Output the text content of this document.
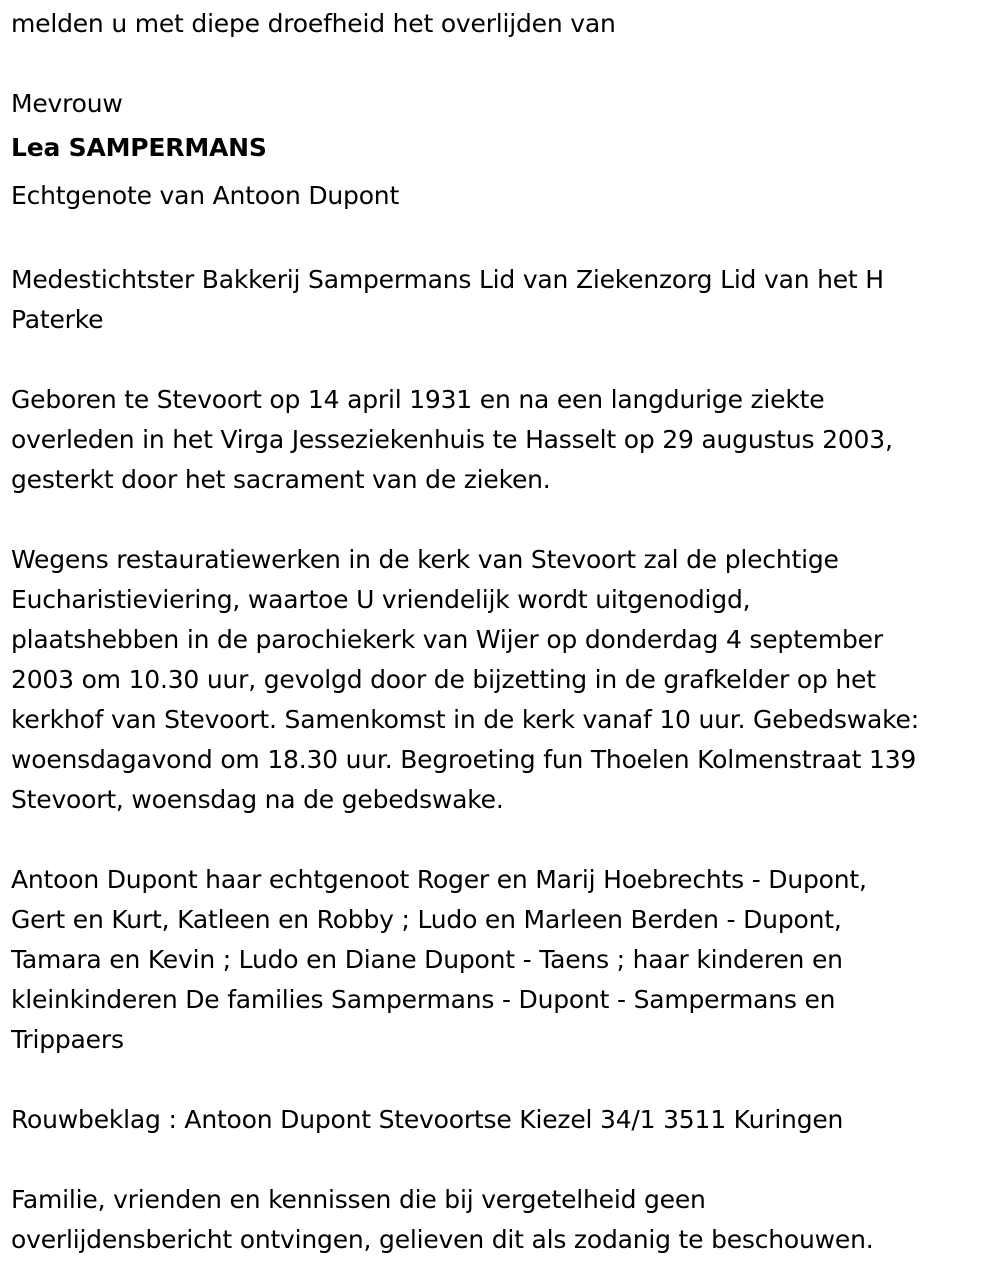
melden u met diepe droefheid het overlijden van

Mevrouw

Lea SAMPERMANS

Echtgenote van Antoon Dupont

Medestichtster Bakkerij Sampermans Lid van Ziekenzorg Lid van het H

Paterke

Geboren te Stevoort op 14 april 1931 en na een langdurige ziekte

overleden in het Virga Jesseziekenhuis te Hasselt op 29 augustus 2003,

gesterkt door het sacrament van de zieken.

Wegens restauratiewerken in de kerk van Stevoort zal de plechtige

Eucharistieviering, waartoe U vriendelijk wordt uitgenodigd,

plaatshebben in de parochiekerk van Wijer op donderdag 4 september

2003 om 10.30 uur, gevolgd door de bijzetting in de grafkelder op het

kerkhof van Stevoort. Samenkomst in de kerk vanaf 10 uur. Gebedswake:

woensdagavond om 18.30 uur. Begroeting fun Thoelen Kolmenstraat 139

Stevoort, woensdag na de gebedswake.

Antoon Dupont haar echtgenoot Roger en Marij Hoebrechts - Dupont,

Gert en Kurt, Katleen en Robby ; Ludo en Marleen Berden - Dupont,

Tamara en Kevin ; Ludo en Diane Dupont - Taens ; haar kinderen en

kleinkinderen De families Sampermans - Dupont - Sampermans en

Trippaers

Rouwbeklag : Antoon Dupont Stevoortse Kiezel 34/1 3511 Kuringen

Familie, vrienden en kennissen die bij vergetelheid geen

overlijdensbericht ontvingen, gelieven dit als zodanig te beschouwen.
